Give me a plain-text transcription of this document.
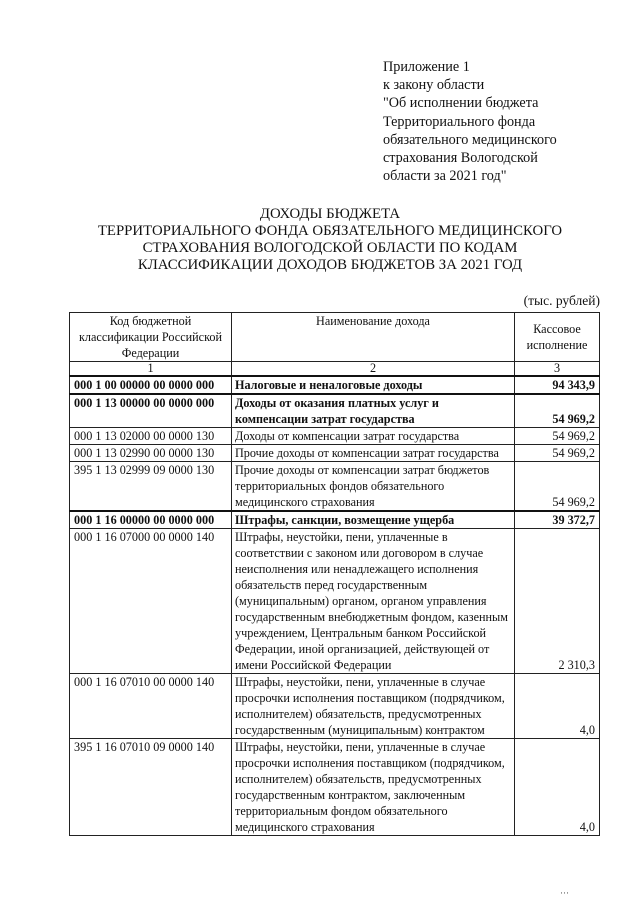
Приложение 1
к закону области
"Об исполнении бюджета
Территориального фонда
обязательного медицинского
страхования Вологодской
области за 2021 год"
ДОХОДЫ БЮДЖЕТА
ТЕРРИТОРИАЛЬНОГО ФОНДА ОБЯЗАТЕЛЬНОГО МЕДИЦИНСКОГО
СТРАХОВАНИЯ ВОЛОГОДСКОЙ ОБЛАСТИ ПО КОДАМ
КЛАССИФИКАЦИИ ДОХОДОВ БЮДЖЕТОВ ЗА 2021 ГОД
(тыс. рублей)
Код бюджетной классификации Российской Федерации	Наименование дохода	Кассовое исполнение
1	2	3
000 1 00 00000 00 0000 000	Налоговые и неналоговые доходы	94 343,9
000 1 13 00000 00 0000 000	Доходы от оказания платных услуг и компенсации затрат государства	54 969,2
000 1 13 02000 00 0000 130	Доходы от компенсации затрат государства	54 969,2
000 1 13 02990 00 0000 130	Прочие доходы от компенсации затрат государства	54 969,2
395 1 13 02999 09 0000 130	Прочие доходы от компенсации затрат бюджетов территориальных фондов обязательного медицинского страхования	54 969,2
000 1 16 00000 00 0000 000	Штрафы, санкции, возмещение ущерба	39 372,7
000 1 16 07000 00 0000 140	Штрафы, неустойки, пени, уплаченные в соответствии с законом или договором в случае неисполнения или ненадлежащего исполнения обязательств перед государственным (муниципальным) органом, органом управления государственным внебюджетным фондом, казенным учреждением, Центральным банком Российской Федерации, иной организацией, действующей от имени Российской Федерации	2 310,3
000 1 16 07010 00 0000 140	Штрафы, неустойки, пени, уплаченные в случае просрочки исполнения поставщиком (подрядчиком, исполнителем) обязательств, предусмотренных государственным (муниципальным) контрактом	4,0
395 1 16 07010 09 0000 140	Штрафы, неустойки, пени, уплаченные в случае просрочки исполнения поставщиком (подрядчиком, исполнителем) обязательств, предусмотренных государственным контрактом, заключенным территориальным фондом обязательного медицинского страхования	4,0
···
